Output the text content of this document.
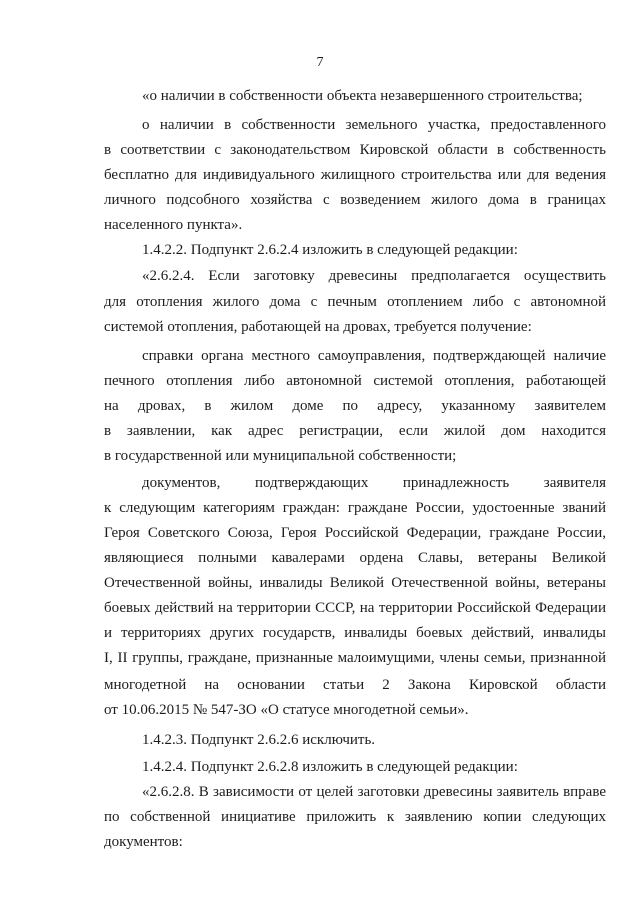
7
«о наличии в собственности объекта незавершенного строительства;
о наличии в собственности земельного участка, предоставленного
в соответствии с законодательством Кировской области в собственность
бесплатно для индивидуального жилищного строительства или для ведения
личного подсобного хозяйства с возведением жилого дома в границах
населенного пункта».
1.4.2.2. Подпункт 2.6.2.4 изложить в следующей редакции:
«2.6.2.4. Если заготовку древесины предполагается осуществить
для отопления жилого дома с печным отоплением либо с автономной
системой отопления, работающей на дровах, требуется получение:
справки органа местного самоуправления, подтверждающей наличие
печного отопления либо автономной системой отопления, работающей
на дровах, в жилом доме по адресу, указанному заявителем
в заявлении, как адрес регистрации, если жилой дом находится
в государственной или муниципальной собственности;
документов, подтверждающих принадлежность заявителя
к следующим категориям граждан: граждане России, удостоенные званий
Героя Советского Союза, Героя Российской Федерации, граждане России,
являющиеся полными кавалерами ордена Славы, ветераны Великой
Отечественной войны, инвалиды Великой Отечественной войны, ветераны
боевых действий на территории СССР, на территории Российской Федерации
и территориях других государств, инвалиды боевых действий, инвалиды
I, II группы, граждане, признанные малоимущими, члены семьи, признанной
многодетной на основании статьи 2 Закона Кировской области
от 10.06.2015 № 547-ЗО «О статусе многодетной семьи».
1.4.2.3. Подпункт 2.6.2.6 исключить.
1.4.2.4. Подпункт 2.6.2.8 изложить в следующей редакции:
«2.6.2.8. В зависимости от целей заготовки древесины заявитель вправе
по собственной инициативе приложить к заявлению копии следующих
документов:
